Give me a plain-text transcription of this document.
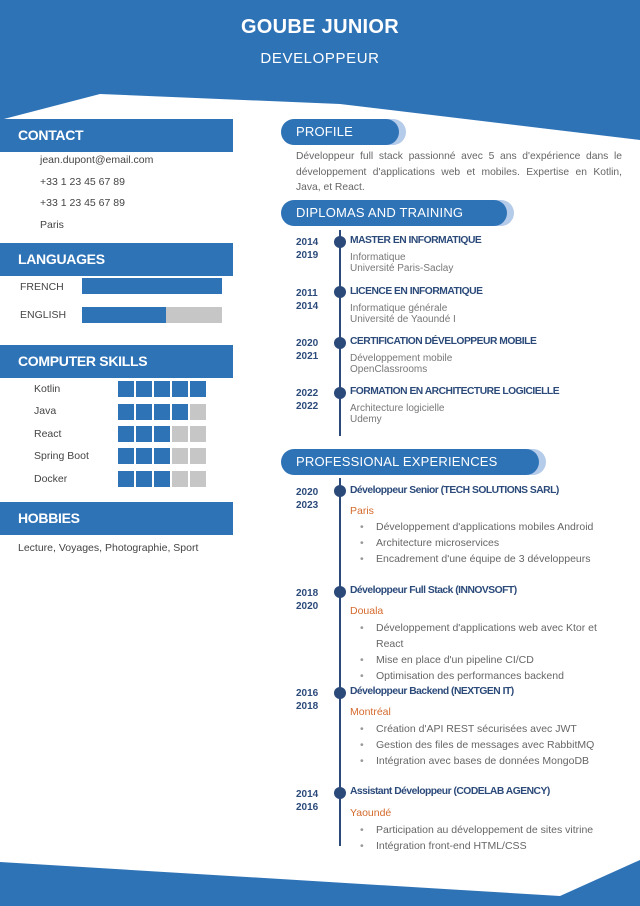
GOUBE JUNIOR
DEVELOPPEUR
CONTACT
jean.dupont@email.com
+33 1 23 45 67 89
+33 1 23 45 67 89
Paris
LANGUAGES
FRENCH
ENGLISH
COMPUTER SKILLS
Kotlin
Java
React
Spring Boot
Docker
HOBBIES
Lecture, Voyages, Photographie, Sport
PROFILE
Développeur full stack passionné avec 5 ans d'expérience dans le développement d'applications web et mobiles. Expertise en Kotlin, Java, et React.
DIPLOMAS AND TRAINING
2014
2019
MASTER EN INFORMATIQUE
Informatique
Université Paris-Saclay
2011
2014
LICENCE EN INFORMATIQUE
Informatique générale
Université de Yaoundé I
2020
2021
CERTIFICATION DÉVELOPPEUR MOBILE
Développement mobile
OpenClassrooms
2022
2022
FORMATION EN ARCHITECTURE LOGICIELLE
Architecture logicielle
Udemy
PROFESSIONAL EXPERIENCES
2020
2023
Développeur Senior (TECH SOLUTIONS SARL)
Paris
• Développement d'applications mobiles Android
• Architecture microservices
• Encadrement d'une équipe de 3 développeurs
2018
2020
Développeur Full Stack (INNOVSOFT)
Douala
• Développement d'applications web avec Ktor et React
• Mise en place d'un pipeline CI/CD
• Optimisation des performances backend
2016
2018
Développeur Backend (NEXTGEN IT)
Montréal
• Création d'API REST sécurisées avec JWT
• Gestion des files de messages avec RabbitMQ
• Intégration avec bases de données MongoDB
2014
2016
Assistant Développeur (CODELAB AGENCY)
Yaoundé
• Participation au développement de sites vitrine
• Intégration front-end HTML/CSS
